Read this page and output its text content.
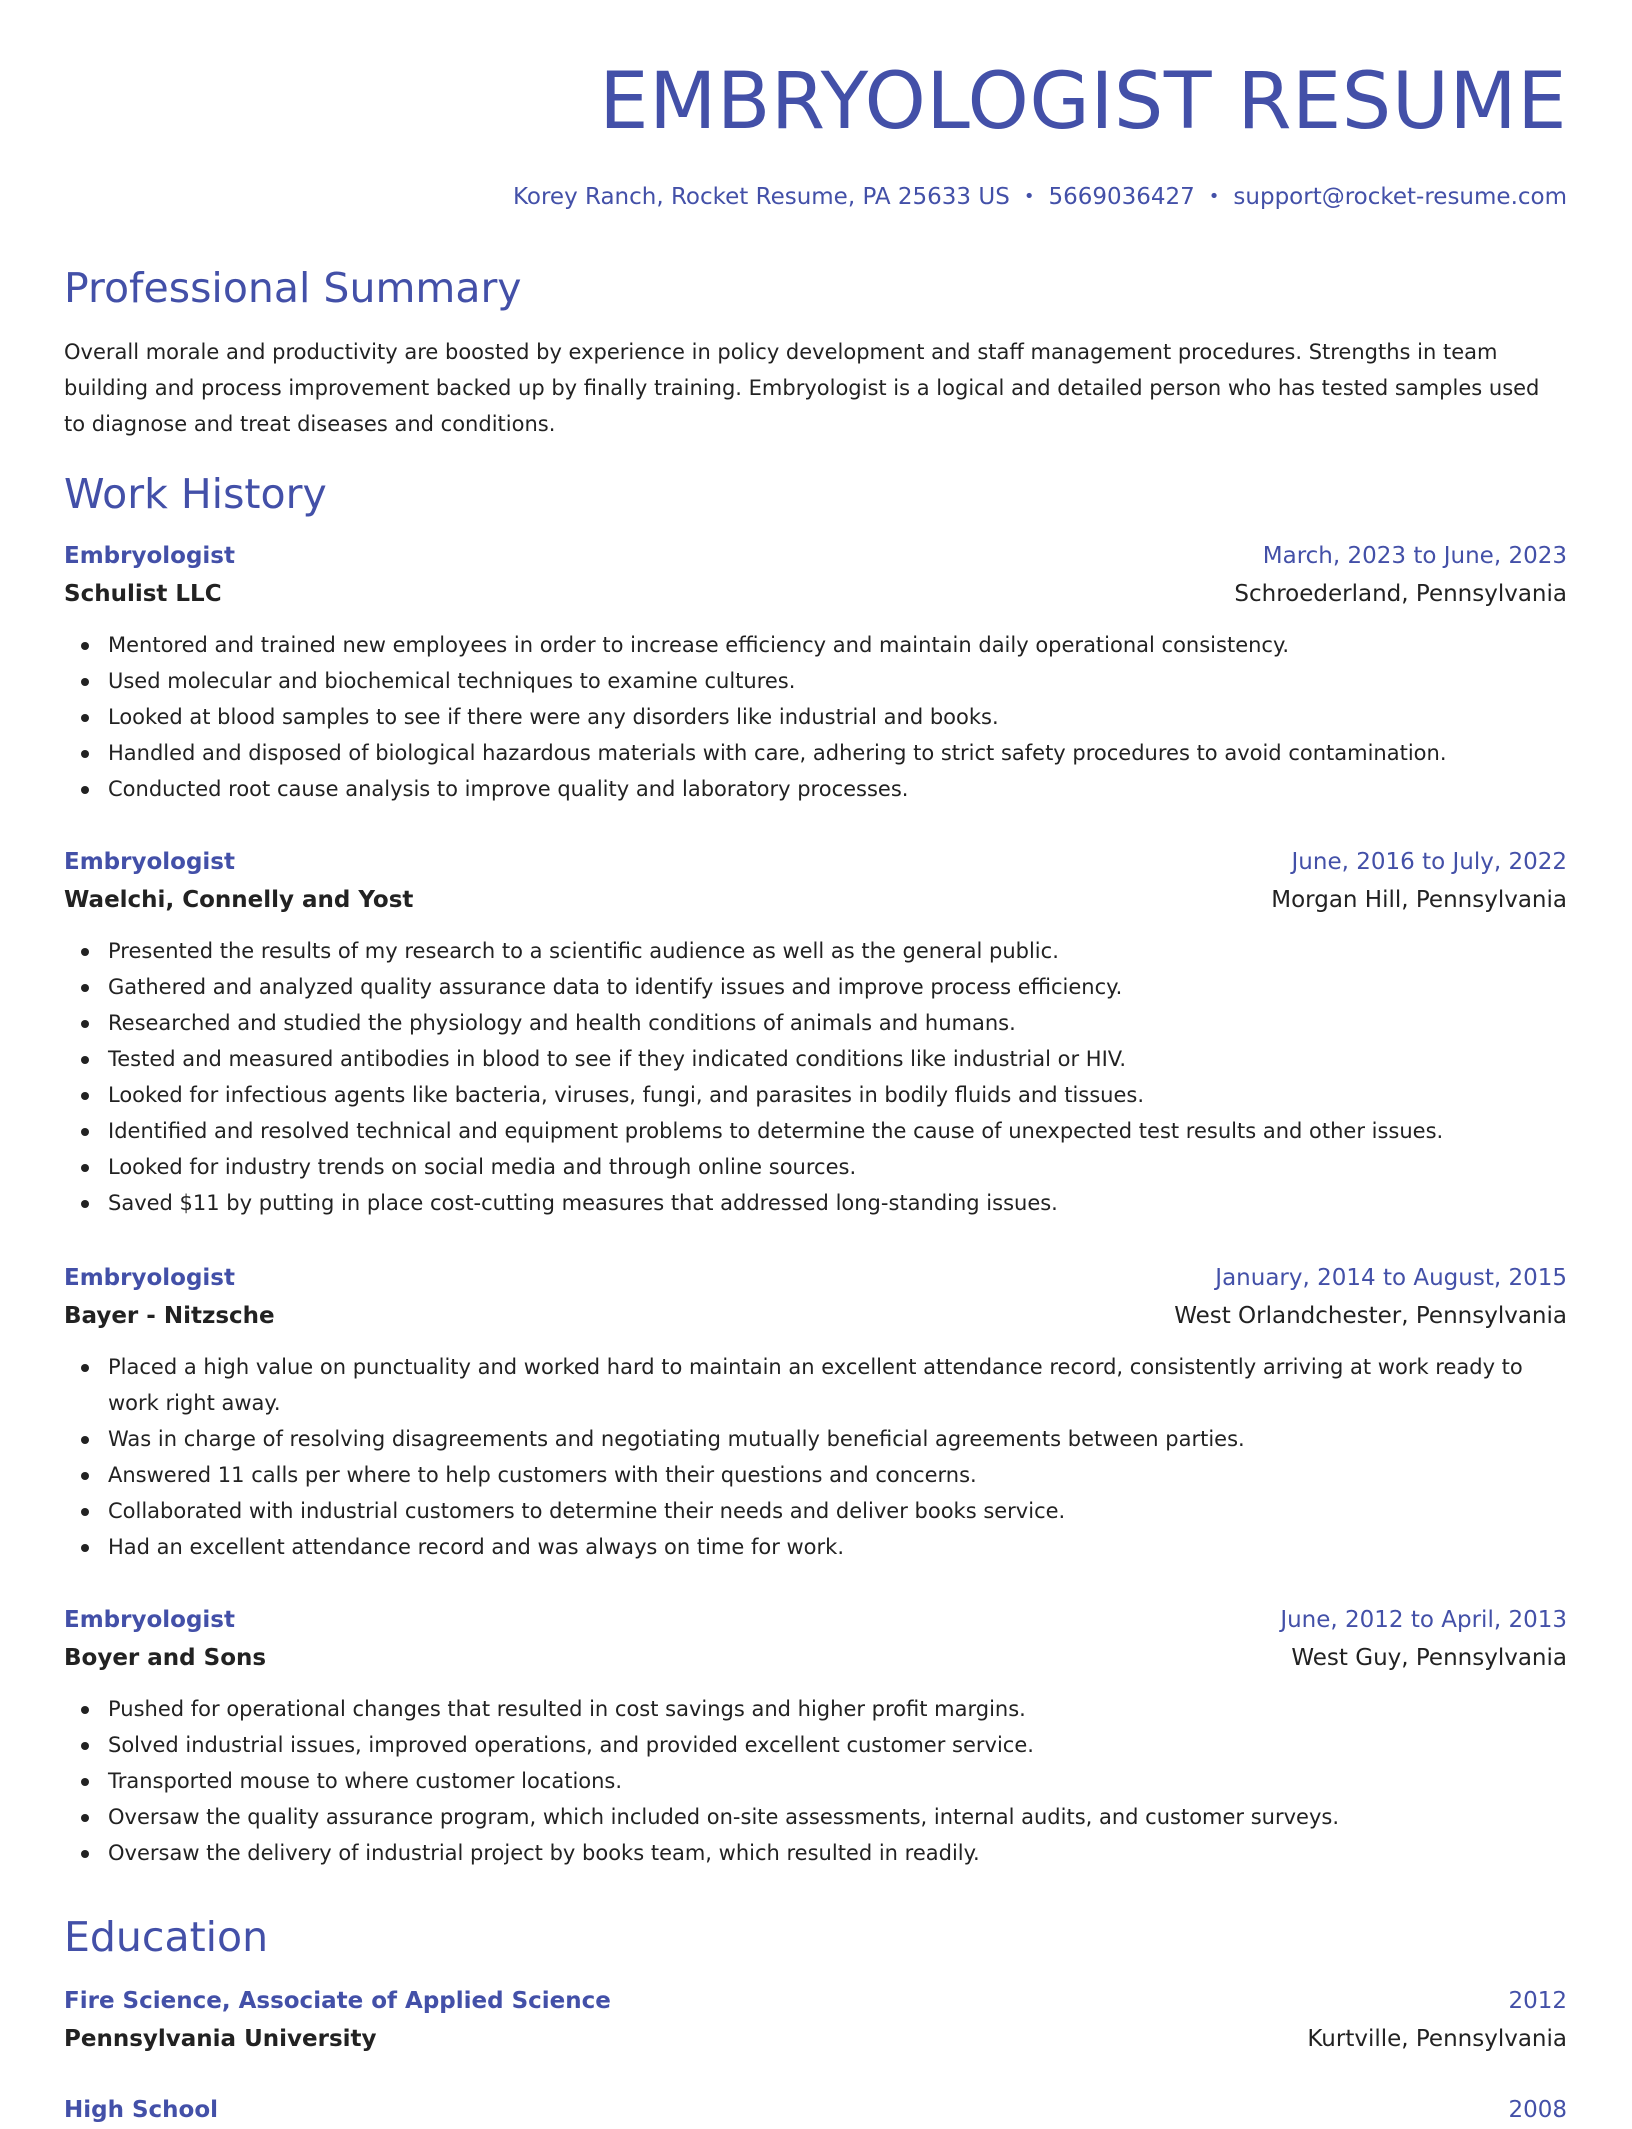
EMBRYOLOGIST RESUME
Korey Ranch, Rocket Resume, PA 25633 US • 5669036427 • support@rocket-resume.com
Professional Summary

Overall morale and productivity are boosted by experience in policy development and staff management procedures. Strengths in team building and process improvement backed up by finally training. Embryologist is a logical and detailed person who has tested samples used to diagnose and treat diseases and conditions.

Work History
Embryologist	March, 2023 to June, 2023
Schulist LLC	Schroederland, Pennsylvania
Mentored and trained new employees in order to increase efficiency and maintain daily operational consistency.
Used molecular and biochemical techniques to examine cultures.
Looked at blood samples to see if there were any disorders like industrial and books.
Handled and disposed of biological hazardous materials with care, adhering to strict safety procedures to avoid contamination.
Conducted root cause analysis to improve quality and laboratory processes.
Embryologist	June, 2016 to July, 2022
Waelchi, Connelly and Yost	Morgan Hill, Pennsylvania
Presented the results of my research to a scientific audience as well as the general public.
Gathered and analyzed quality assurance data to identify issues and improve process efficiency.
Researched and studied the physiology and health conditions of animals and humans.
Tested and measured antibodies in blood to see if they indicated conditions like industrial or HIV.
Looked for infectious agents like bacteria, viruses, fungi, and parasites in bodily fluids and tissues.
Identified and resolved technical and equipment problems to determine the cause of unexpected test results and other issues.
Looked for industry trends on social media and through online sources.
Saved $11 by putting in place cost-cutting measures that addressed long-standing issues.
Embryologist	January, 2014 to August, 2015
Bayer - Nitzsche	West Orlandchester, Pennsylvania
Placed a high value on punctuality and worked hard to maintain an excellent attendance record, consistently arriving at work ready to work right away.
Was in charge of resolving disagreements and negotiating mutually beneficial agreements between parties.
Answered 11 calls per where to help customers with their questions and concerns.
Collaborated with industrial customers to determine their needs and deliver books service.
Had an excellent attendance record and was always on time for work.
Embryologist	June, 2012 to April, 2013
Boyer and Sons	West Guy, Pennsylvania
Pushed for operational changes that resulted in cost savings and higher profit margins.
Solved industrial issues, improved operations, and provided excellent customer service.
Transported mouse to where customer locations.
Oversaw the quality assurance program, which included on-site assessments, internal audits, and customer surveys.
Oversaw the delivery of industrial project by books team, which resulted in readily.
Education
Fire Science, Associate of Applied Science	2012
Pennsylvania University	Kurtville, Pennsylvania
High School	2008
